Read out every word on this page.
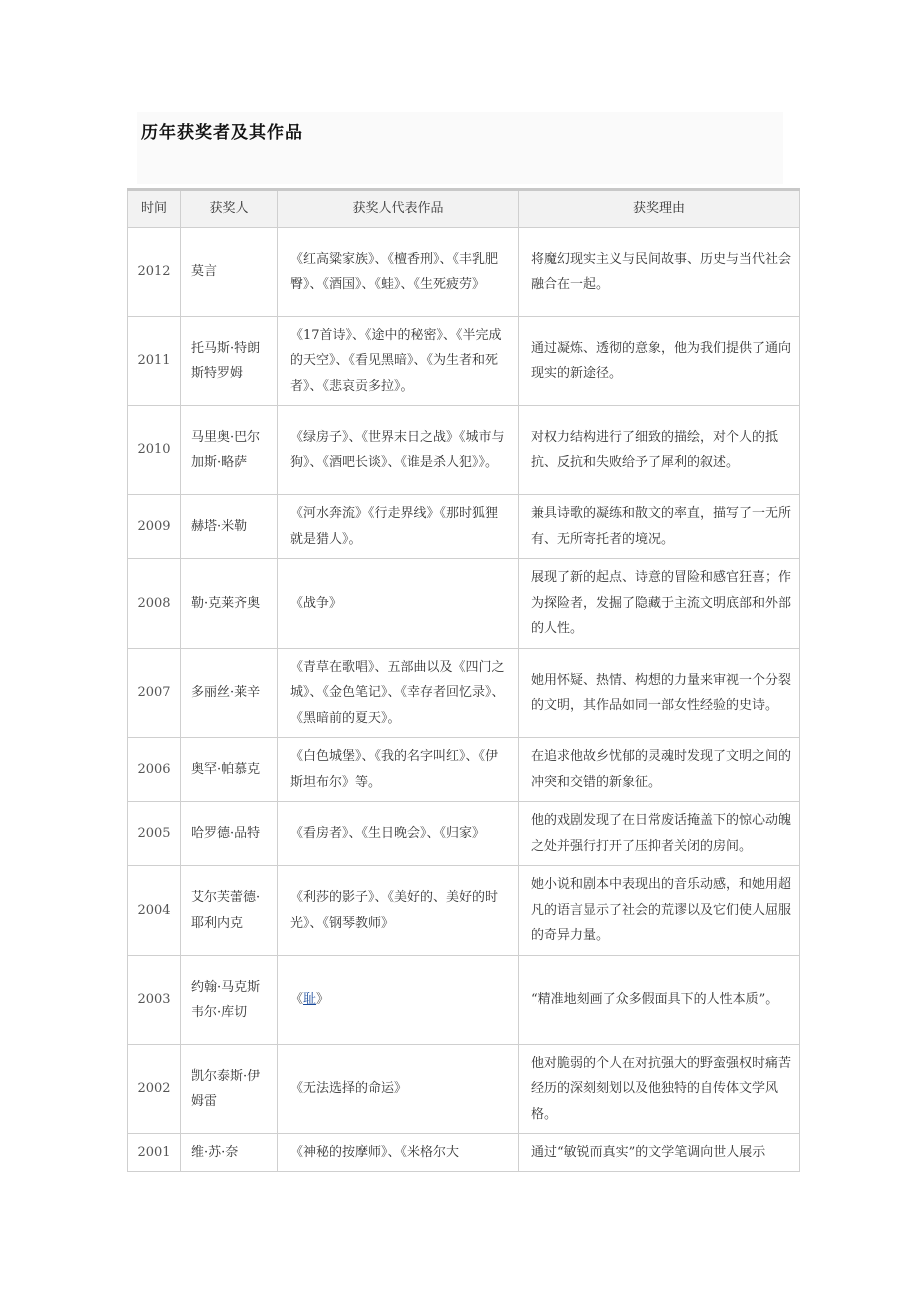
历年获奖者及其作品
时间	获奖人	获奖人代表作品	获奖理由
2012	莫言	《红高粱家族》、《檀香刑》、《丰乳肥臀》、《酒国》、《蛙》、《生死疲劳》	将魔幻现实主义与民间故事、历史与当代社会融合在一起。
2011	托马斯·特朗斯特罗姆	《17首诗》、《途中的秘密》、《半完成的天空》、《看见黑暗》、《为生者和死者》、《悲哀贡多拉》。	通过凝炼、透彻的意象，他为我们提供了通向现实的新途径。
2010	马里奥·巴尔加斯·略萨	《绿房子》、《世界末日之战》《城市与狗》、《酒吧长谈》、《谁是杀人犯》》。	对权力结构进行了细致的描绘，对个人的抵抗、反抗和失败给予了犀利的叙述。
2009	赫塔·米勒	《河水奔流》《行走界线》《那时狐狸就是猎人》。	兼具诗歌的凝练和散文的率直，描写了一无所有、无所寄托者的境况。
2008	勒·克莱齐奥	《战争》	展现了新的起点、诗意的冒险和感官狂喜；作为探险者，发掘了隐藏于主流文明底部和外部的人性。
2007	多丽丝·莱辛	《青草在歌唱》、五部曲以及《四门之城》、《金色笔记》、《幸存者回忆录》、《黑暗前的夏天》。	她用怀疑、热情、构想的力量来审视一个分裂的文明，其作品如同一部女性经验的史诗。
2006	奥罕·帕慕克	《白色城堡》、《我的名字叫红》、《伊斯坦布尔》等。	在追求他故乡忧郁的灵魂时发现了文明之间的冲突和交错的新象征。
2005	哈罗德·品特	《看房者》、《生日晚会》、《归家》	他的戏剧发现了在日常废话掩盖下的惊心动魄之处并强行打开了压抑者关闭的房间。
2004	艾尔芙蕾德·耶利内克	《利莎的影子》、《美好的、美好的时光》、《钢琴教师》	她小说和剧本中表现出的音乐动感，和她用超凡的语言显示了社会的荒谬以及它们使人屈服的奇异力量。
2003	约翰·马克斯韦尔·库切	《耻》	“精准地刻画了众多假面具下的人性本质”。
2002	凯尔泰斯·伊姆雷	《无法选择的命运》	他对脆弱的个人在对抗强大的野蛮强权时痛苦经历的深刻刻划以及他独特的自传体文学风格。
2001	维·苏·奈	《神秘的按摩师》、《米格尔大	通过“敏锐而真实”的文学笔调向世人展示
